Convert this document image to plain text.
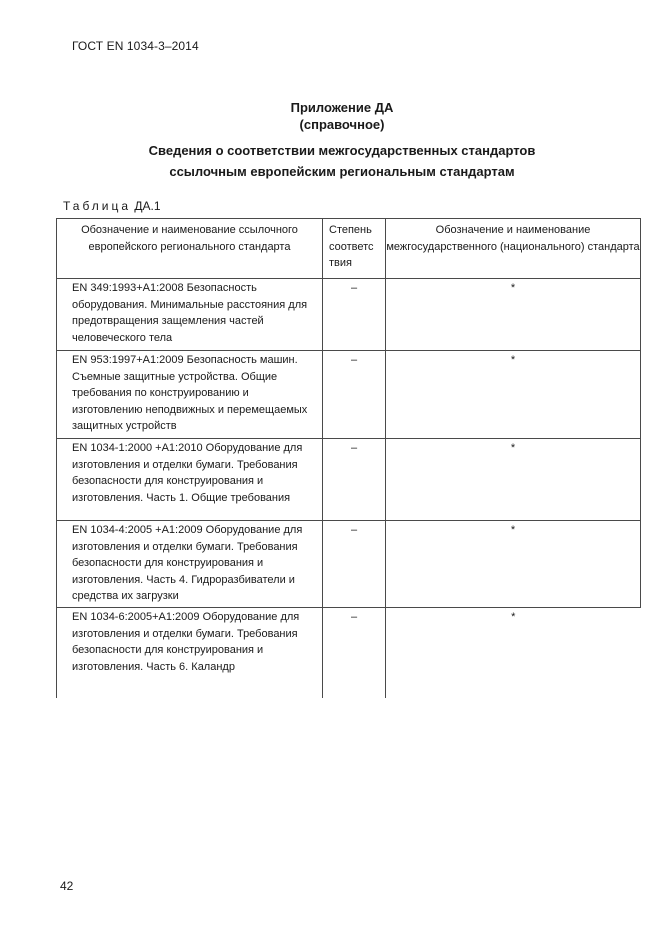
ГОСТ EN 1034-3–2014
Приложение ДА
(справочное)
Сведения о соответствии межгосударственных стандартов
ссылочным европейским региональным стандартам
Таблица ДА.1
Обозначение и наименование ссылочного европейского регионального стандарта	Степень соответс твия	Обозначение и наименование межгосударственного (национального) стандарта

EN 349:1993+A1:2008 Безопасность оборудования. Минимальные расстояния для предотвращения защемления частей человеческого тела	–	*

EN 953:1997+A1:2009 Безопасность машин. Съемные защитные устройства. Общие требования по конструированию и изготовлению неподвижных и перемещаемых защитных устройств	–	*

EN 1034-1:2000 +A1:2010 Оборудование для изготовления и отделки бумаги. Требования безопасности для конструирования и изготовления. Часть 1. Общие требования	–	*

EN 1034-4:2005 +A1:2009 Оборудование для изготовления и отделки бумаги. Требования безопасности для конструирования и изготовления. Часть 4. Гидроразбиватели и средства их загрузки	–	*

EN 1034-6:2005+A1:2009 Оборудование для изготовления и отделки бумаги. Требования безопасности для конструирования и изготовления. Часть 6. Каландр	–	*
42
